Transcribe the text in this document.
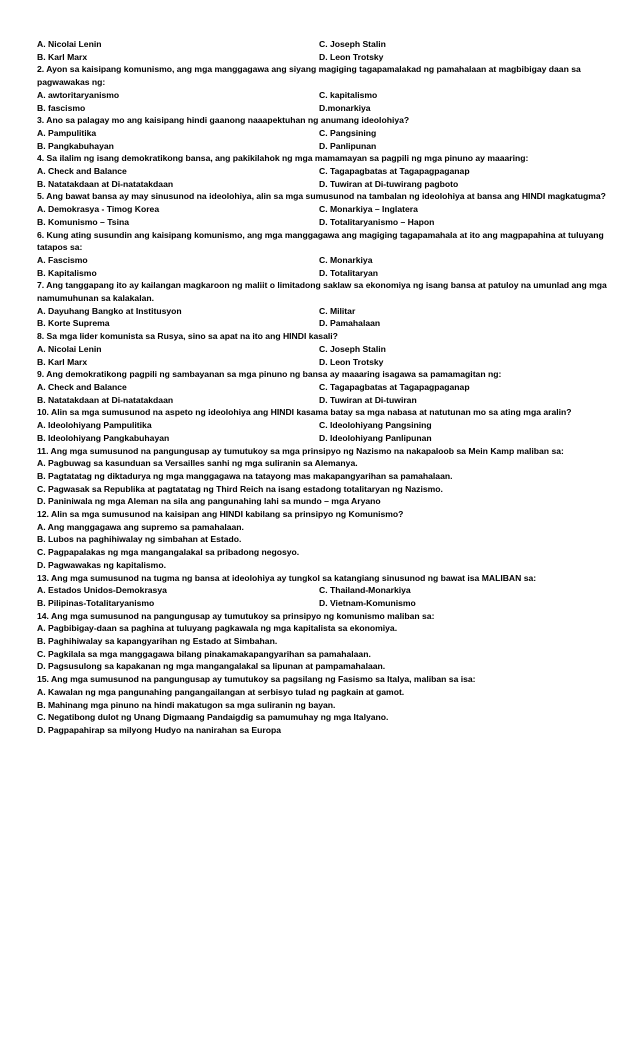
A. Nicolai Lenin	C. Joseph Stalin
B. Karl Marx	D. Leon Trotsky
2. Ayon sa kaisipang komunismo, ang mga manggagawa ang siyang magiging tagapamalakad ng pamahalaan at magbibigay daan sa pagwawakas ng:
A. awtoritaryanismo	C. kapitalismo
B. fascismo	D.monarkiya
3. Ano sa palagay mo ang kaisipang hindi gaanong naaapektuhan ng anumang ideolohiya?
A. Pampulitika	C. Pangsining
B. Pangkabuhayan	D. Panlipunan
4. Sa ilalim ng isang demokratikong bansa, ang pakikilahok ng mga mamamayan sa pagpili ng mga pinuno ay maaaring:
A. Check and Balance	C. Tagapagbatas at Tagapagpaganap
B. Natatakdaan at Di-natatakdaan	D. Tuwiran at Di-tuwirang pagboto
5. Ang bawat bansa ay may sinusunod na ideolohiya, alin sa mga sumusunod na tambalan ng ideolohiya at bansa ang HINDI magkatugma?
A. Demokrasya - Timog Korea	C. Monarkiya – Inglatera
B. Komunismo – Tsina	D. Totalitaryanismo – Hapon
6. Kung ating susundin ang kaisipang komunismo, ang mga manggagawa ang magiging tagapamahala at ito ang magpapahina at tuluyang tatapos sa:
A. Fascismo	C. Monarkiya
B. Kapitalismo	D. Totalitaryan
7. Ang tanggapang ito ay kailangan magkaroon ng maliit o limitadong saklaw sa ekonomiya ng isang bansa at patuloy na umunlad ang mga namumuhunan sa kalakalan.
A. Dayuhang Bangko at Institusyon	C. Militar
B. Korte Suprema	D. Pamahalaan
8. Sa mga lider komunista sa Rusya, sino sa apat na ito ang HINDI kasali?
A. Nicolai Lenin	C. Joseph Stalin
B. Karl Marx	D. Leon Trotsky
9. Ang demokratikong pagpili ng sambayanan sa mga pinuno ng bansa ay maaaring isagawa sa pamamagitan ng:
A. Check and Balance	C. Tagapagbatas at Tagapagpaganap
B. Natatakdaan at Di-natatakdaan	D. Tuwiran at Di-tuwiran
10. Alin sa mga sumusunod na aspeto ng ideolohiya ang HINDI kasama batay sa mga nabasa at natutunan mo sa ating mga aralin?
A. Ideolohiyang Pampulitika	C. Ideolohiyang Pangsining
B. Ideolohiyang Pangkabuhayan	D. Ideolohiyang Panlipunan
11. Ang mga sumusunod na pangungusap ay tumutukoy sa mga prinsipyo ng Nazismo na nakapaloob sa Mein Kamp maliban sa:
A. Pagbuwag sa kasunduan sa Versailles sanhi ng mga suliranin sa Alemanya.
B. Pagtatatag ng diktadurya ng mga manggagawa na tatayong mas makapangyarihan sa pamahalaan.
C. Pagwasak sa Republika at pagtatatag ng Third Reich na isang estadong totalitaryan ng Nazismo.
D. Paniniwala ng mga Aleman na sila ang pangunahing lahi sa mundo – mga Aryano
12. Alin sa mga sumusunod na kaisipan ang HINDI kabilang sa prinsipyo ng Komunismo?
A. Ang manggagawa ang supremo sa pamahalaan.
B. Lubos na paghihiwalay ng simbahan at Estado.
C. Pagpapalakas ng mga mangangalakal sa pribadong negosyo.
D. Pagwawakas ng kapitalismo.
13. Ang mga sumusunod na tugma ng bansa at ideolohiya ay tungkol sa katangiang sinusunod ng bawat isa MALIBAN sa:
A. Estados Unidos-Demokrasya	C. Thailand-Monarkiya
B. Pilipinas-Totalitaryanismo	D. Vietnam-Komunismo
14. Ang mga sumusunod na pangungusap ay tumutukoy sa prinsipyo ng komunismo maliban sa:
A. Pagbibigay-daan sa paghina at tuluyang pagkawala ng mga kapitalista sa ekonomiya.
B. Paghihiwalay sa kapangyarihan ng Estado at Simbahan.
C. Pagkilala sa mga manggagawa bilang pinakamakapangyarihan sa pamahalaan.
D. Pagsusulong sa kapakanan ng mga mangangalakal sa lipunan at pampamahalaan.
15. Ang mga sumusunod na pangungusap ay tumutukoy sa pagsilang ng Fasismo sa Italya, maliban sa isa:
A. Kawalan ng mga pangunahing pangangailangan at serbisyo tulad ng pagkain at gamot.
B. Mahinang mga pinuno na hindi makatugon sa mga suliranin ng bayan.
C. Negatibong dulot ng Unang Digmaang Pandaigdig sa pamumuhay ng mga Italyano.
D. Pagpapahirap sa milyong Hudyo na nanirahan sa Europa
